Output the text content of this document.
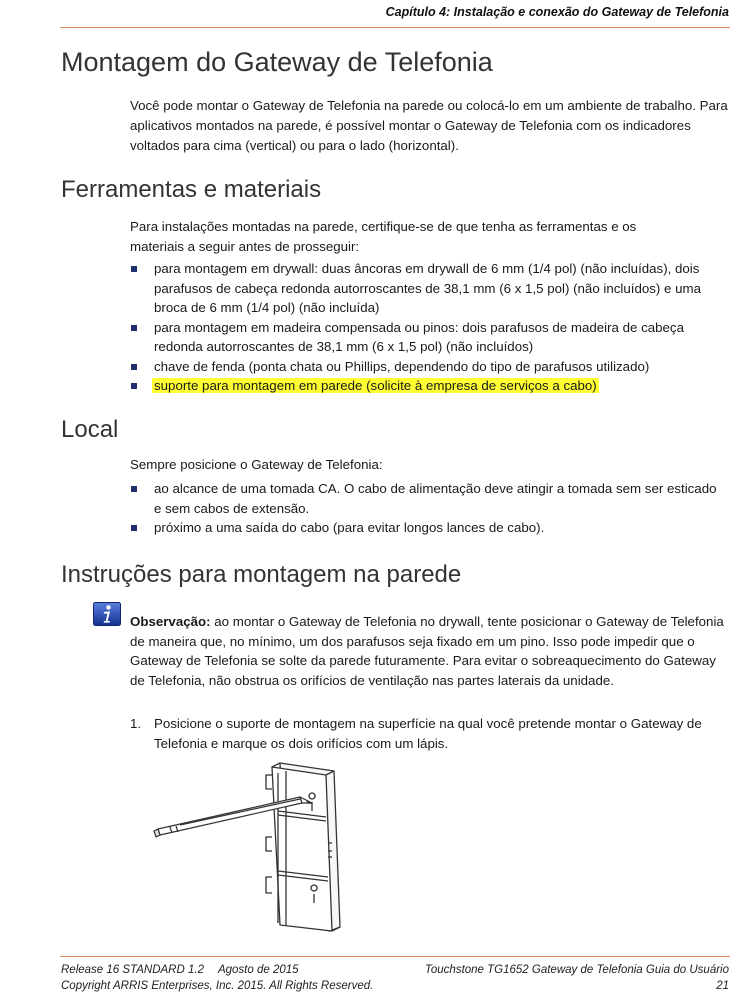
Capítulo 4: Instalação e conexão do Gateway de Telefonia
Montagem do Gateway de Telefonia

Você pode montar o Gateway de Telefonia na parede ou colocá-lo em um ambiente de trabalho. Para aplicativos montados na parede, é possível montar o Gateway de Telefonia com os indicadores voltados para cima (vertical) ou para o lado (horizontal).

Ferramentas e materiais

Para instalações montadas na parede, certifique-se de que tenha as ferramentas e os materiais a seguir antes de prosseguir:

para montagem em drywall: duas âncoras em drywall de 6 mm (1/4 pol) (não incluídas), dois parafusos de cabeça redonda autorroscantes de 38,1 mm (6 x 1,5 pol) (não incluídos) e uma broca de 6 mm (1/4 pol) (não incluída)
para montagem em madeira compensada ou pinos: dois parafusos de madeira de cabeça redonda autorroscantes de 38,1 mm (6 x 1,5 pol) (não incluídos)
chave de fenda (ponta chata ou Phillips, dependendo do tipo de parafusos utilizado)
suporte para montagem em parede (solicite à empresa de serviços a cabo)
Local

Sempre posicione o Gateway de Telefonia:

ao alcance de uma tomada CA. O cabo de alimentação deve atingir a tomada sem ser esticado e sem cabos de extensão.
próximo a uma saída do cabo (para evitar longos lances de cabo).
Instruções para montagem na parede

Observação: ao montar o Gateway de Telefonia no drywall, tente posicionar o Gateway de Telefonia de maneira que, no mínimo, um dos parafusos seja fixado em um pino. Isso pode impedir que o Gateway de Telefonia se solte da parede futuramente. Para evitar o sobreaquecimento do Gateway de Telefonia, não obstrua os orifícios de ventilação nas partes laterais da unidade.

1. Posicione o suporte de montagem na superfície na qual você pretende montar o Gateway de Telefonia e marque os dois orifícios com um lápis.
Release 16 STANDARD 1.2 Agosto de 2015
Copyright ARRIS Enterprises, Inc. 2015. All Rights Reserved.
Touchstone TG1652 Gateway de Telefonia Guia do Usuário
21
